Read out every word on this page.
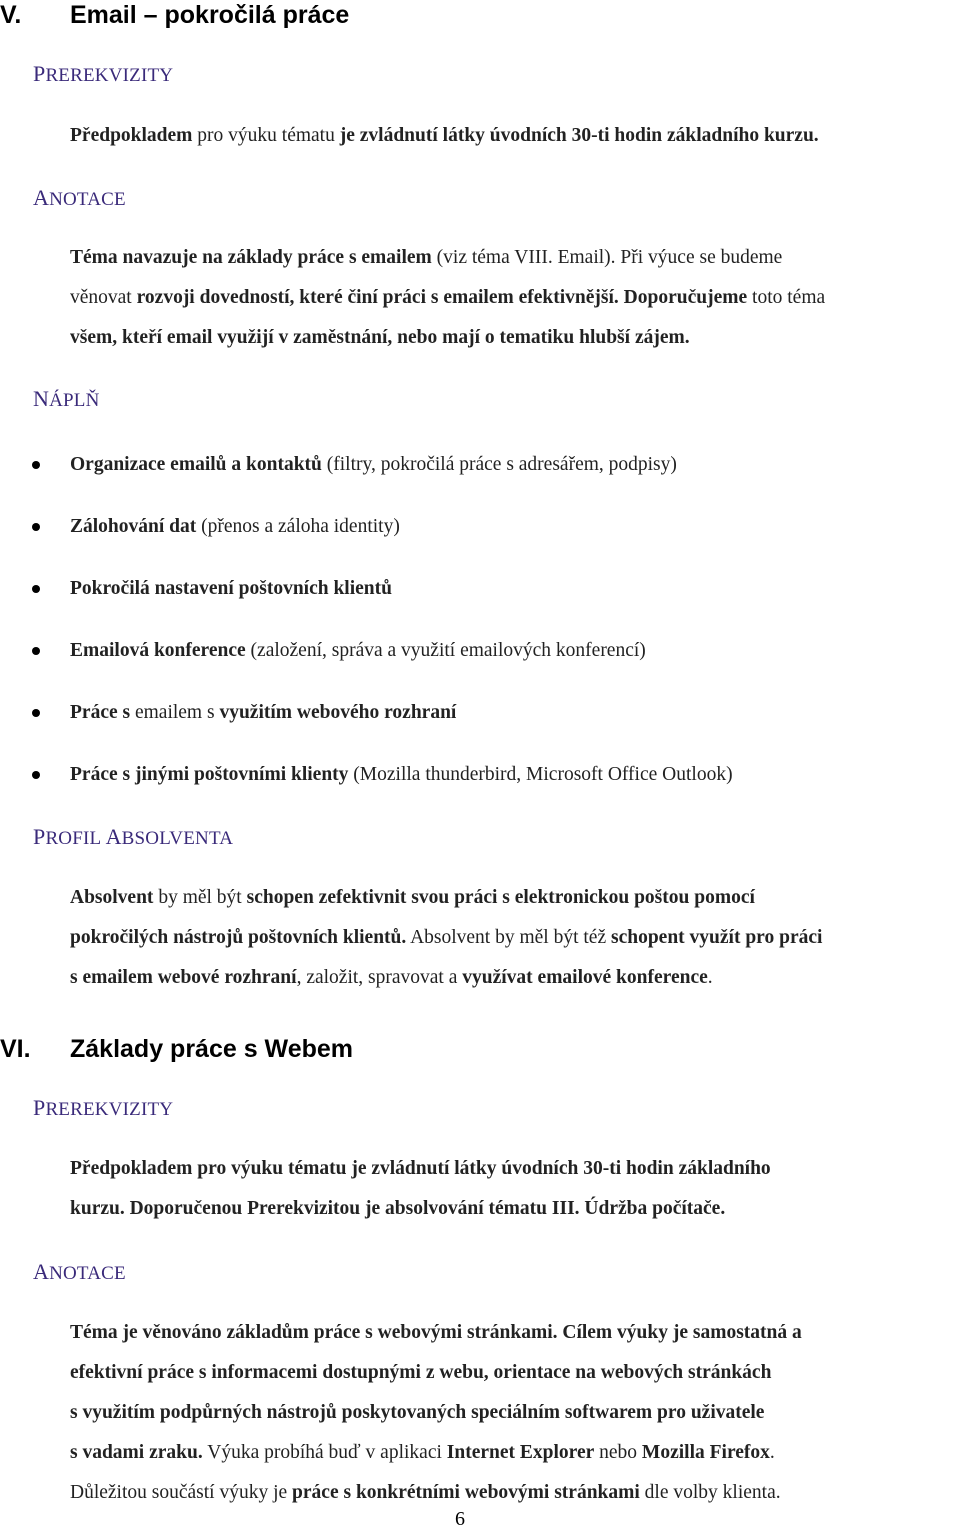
V. Email – pokročilá práce
PREREKVIZITY
Předpokladem pro výuku tématu je zvládnutí látky úvodních 30-ti hodin základního kurzu.
ANOTACE
Téma navazuje na základy práce s emailem (viz téma VIII. Email). Při výuce se budeme
věnovat rozvoji dovedností, které činí práci s emailem efektivnější. Doporučujeme toto téma
všem, kteří email využijí v zaměstnání, nebo mají o tematiku hlubší zájem.
NÁPLŇ
Organizace emailů a kontaktů (filtry, pokročilá práce s adresářem, podpisy)
Zálohování dat (přenos a záloha identity)
Pokročilá nastavení poštovních klientů
Emailová konference (založení, správa a využití emailových konferencí)
Práce s emailem s využitím webového rozhraní
Práce s jinými poštovními klienty (Mozilla thunderbird, Microsoft Office Outlook)
PROFIL ABSOLVENTA
Absolvent by měl být schopen zefektivnit svou práci s elektronickou poštou pomocí
pokročilých nástrojů poštovních klientů. Absolvent by měl být též schopent využít pro práci
s emailem webové rozhraní, založit, spravovat a využívat emailové konference.
VI. Základy práce s Webem
PREREKVIZITY
Předpokladem pro výuku tématu je zvládnutí látky úvodních 30-ti hodin základního
kurzu. Doporučenou Prerekvizitou je absolvování tématu III. Údržba počítače.
ANOTACE
Téma je věnováno základům práce s webovými stránkami. Cílem výuky je samostatná a
efektivní práce s informacemi dostupnými z webu, orientace na webových stránkách
s využitím podpůrných nástrojů poskytovaných speciálním softwarem pro uživatele
s vadami zraku. Výuka probíhá buď v aplikaci Internet Explorer nebo Mozilla Firefox.
Důležitou součástí výuky je práce s konkrétními webovými stránkami dle volby klienta.
6
